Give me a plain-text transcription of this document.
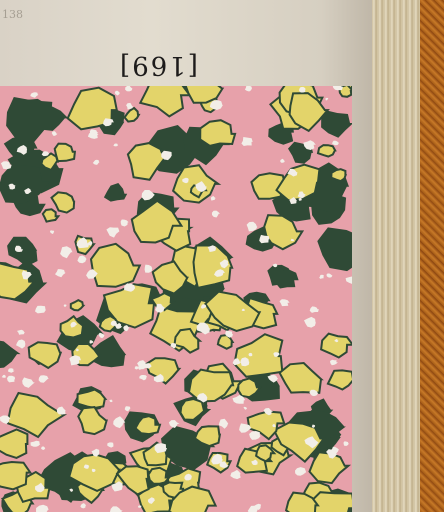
138
[169]
